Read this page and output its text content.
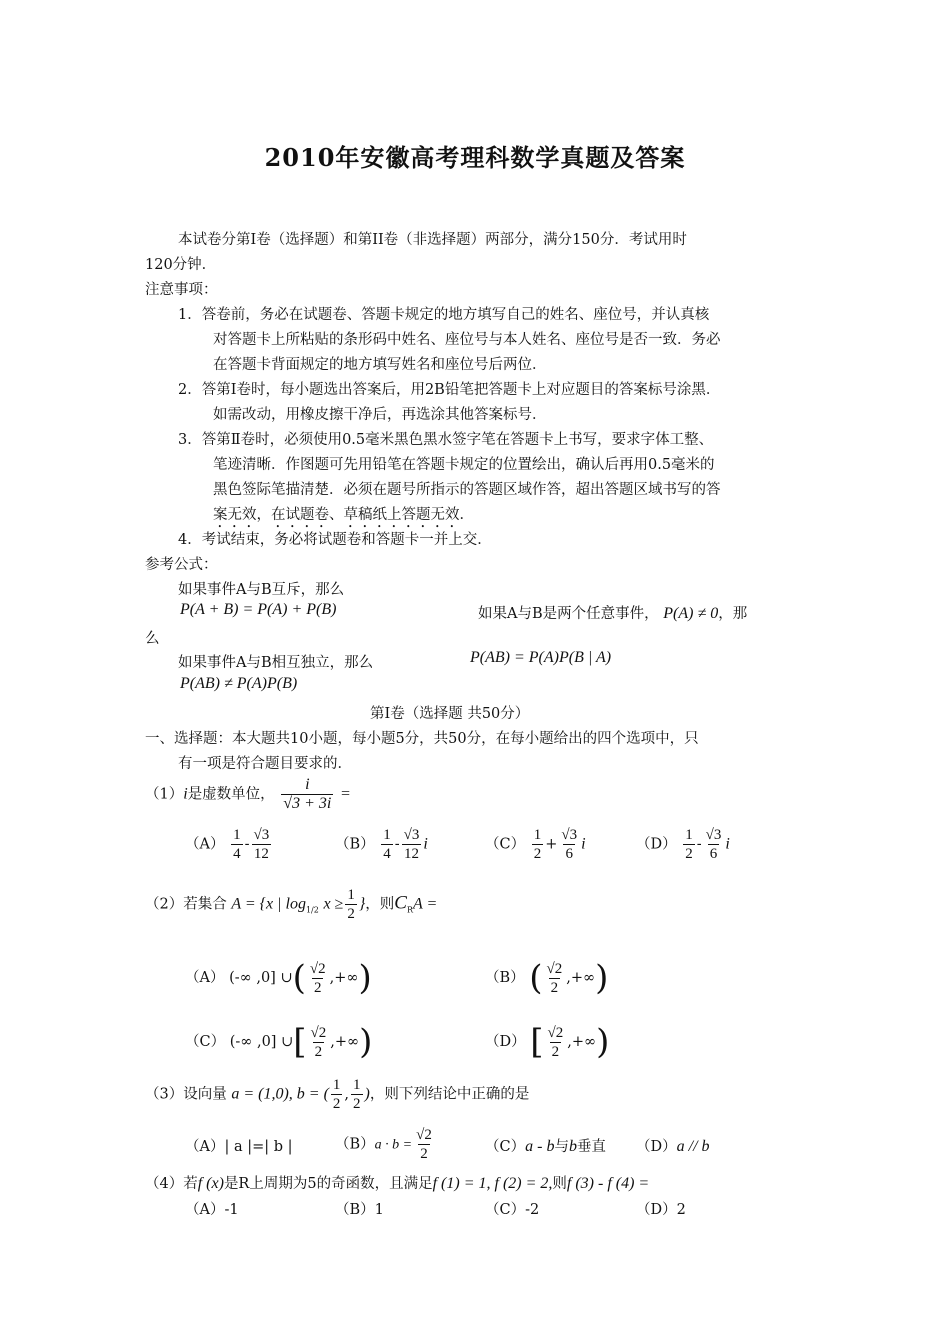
2010年安徽高考理科数学真题及答案
本试卷分第Ⅰ卷（选择题）和第II卷（非选择题）两部分，满分150分．考试用时
120分钟．
注意事项：
1．答卷前，务必在试题卷、答题卡规定的地方填写自己的姓名、座位号，并认真核
对答题卡上所粘贴的条形码中姓名、座位号与本人姓名、座位号是否一致．务必
在答题卡背面规定的地方填写姓名和座位号后两位．
2．答第Ⅰ卷时，每小题选出答案后，用2B铅笔把答题卡上对应题目的答案标号涂黑．
如需改动，用橡皮擦干净后，再选涂其他答案标号．
3．答第Ⅱ卷时，必须使用0.5毫米黑色黑水签字笔在答题卡上书写，要求字体工整、
笔迹清晰．作图题可先用铅笔在答题卡规定的位置绘出，确认后再用0.5毫米的
黑色签际笔描清楚．必须在题号所指示的答题区域作答，超出答题区域书写的答
案无效，在试题卷、草稿纸上答题无效．
4．考试结束，务必将试题卷和答题卡一并上交．
参考公式：
如果事件A与B互斥，那么
P(A + B) = P(A) + P(B)	如果A与B是两个任意事件， P(A) ≠ 0，那
么
如果事件A与B相互独立，那么	P(AB) = P(A)P(B | A)
P(AB) ≠ P(A)P(B)
第Ⅰ卷（选择题 共50分）
一、选择题：本大题共10小题，每小题5分，共50分，在每小题给出的四个选项中，只
有一项是符合题目要求的．
（1）i是虚数单位， $\frac{i}{√3 + 3i}$ =
$(A) \frac{1}{4} - \frac{√3}{12}$	$(B) \frac{1}{4} - \frac{√3}{12}$ i	$(C) \frac{1}{2} + \frac{√3}{6}$ i	$(D) \frac{1}{2} - \frac{√3}{6}$ i
（2）若集合 A = {x | $\log_{1/2} x \ge \frac{1}{2}$ }，则$C_RA$ =
（A） (-∞ ,0] ∪( $\frac{√2}{2}$ ,+∞)	（B） ( $\frac{√2}{2}$ ,+∞)
（C） (-∞ ,0] ∪[ $\frac{√2}{2}$ ,+∞)	（D） [ $\frac{√2}{2}$ ,+∞)
（3）设向量 a = (1,0), b = ( $\frac{1}{2}$ , $\frac{1}{2}$ )，则下列结论中正确的是
（A）| a |=| b |	$(B)a \cdot b = \frac{√2}{2}$	（C）a - b与b垂直 （D）a // b
（4）若f (x)是R上周期为5的奇函数，且满足f (1) = 1, f (2) = 2,则f (3) - f (4) =
（A）-1	（B）1	（C）-2	（D）2
